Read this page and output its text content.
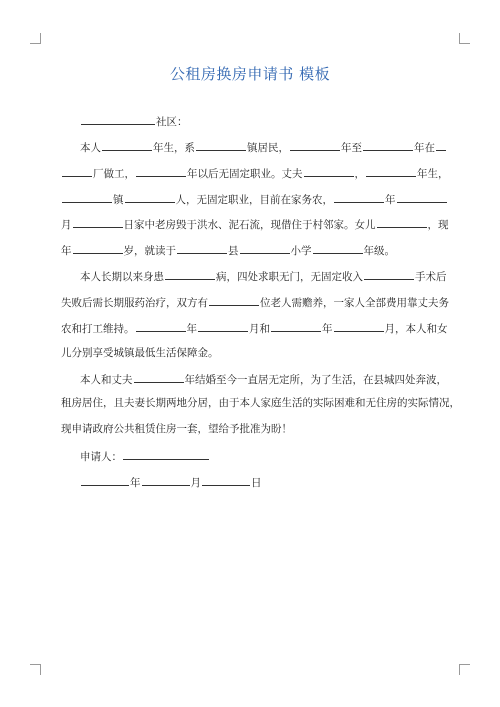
公租房换房申请书 模板
社区：
本人	年生，系	镇居民，	年至	年在
厂做工，	年以后无固定职业。丈夫	，	年生，
镇	人，无固定职业，目前在家务农，	年
月	日家中老房毁于洪水、泥石流，现借住于村邻家。女儿	，现
年	岁，就读于	县	小学	年级。
本人长期以来身患	病，四处求职无门，无固定收入	手术后
失败后需长期服药治疗，双方有	位老人需赡养，一家人全部费用靠丈夫务
农和打工维持。	年	月和	年	月，本人和女
儿分别享受城镇最低生活保障金。
本人和丈夫	年结婚至今一直居无定所，为了生活，在县城四处奔波，
租房居住，且夫妻长期两地分居，由于本人家庭生活的实际困难和无住房的实际情况，
现申请政府公共租赁住房一套，望给予批准为盼！
申请人：
年	月	日
